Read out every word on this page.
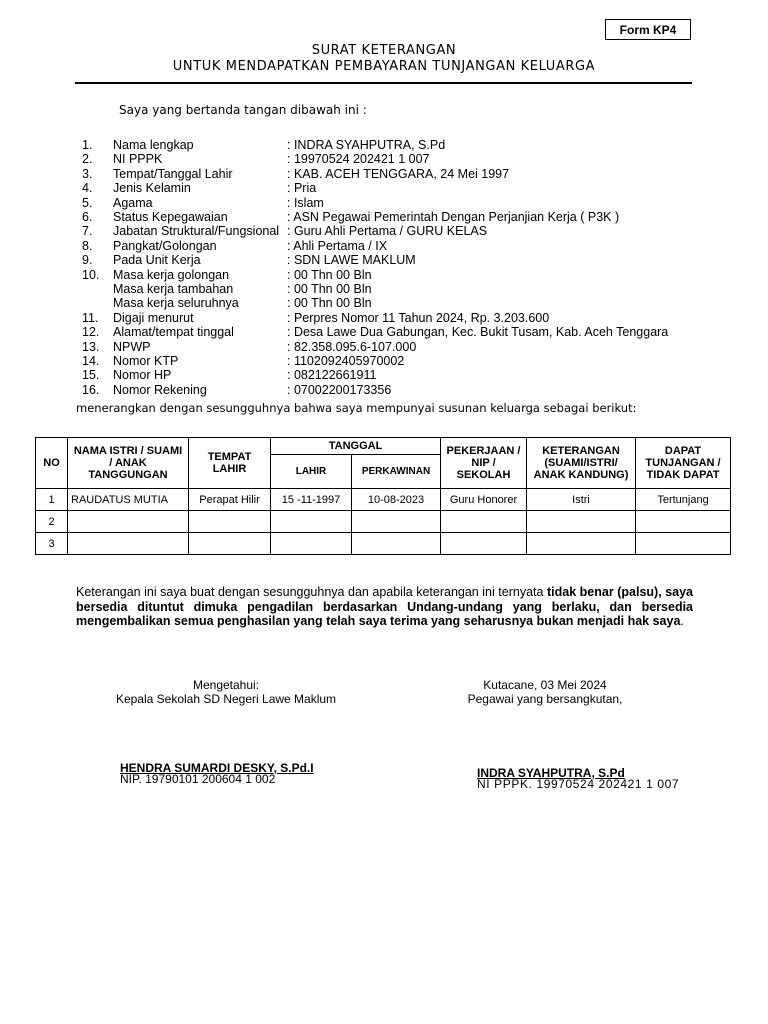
Form KP4
SURAT KETERANGAN
UNTUK MENDAPATKAN PEMBAYARAN TUNJANGAN KELUARGA
Saya yang bertanda tangan dibawah ini :
1.	Nama lengkap	: INDRA SYAHPUTRA, S.Pd
2.	NI PPPK	: 19970524 202421 1 007
3.	Tempat/Tanggal Lahir	: KAB. ACEH TENGGARA, 24 Mei 1997
4.	Jenis Kelamin	: Pria
5.	Agama	: Islam
6.	Status Kepegawaian	: ASN Pegawai Pemerintah Dengan Perjanjian Kerja ( P3K )
7.	Jabatan Struktural/Fungsional : Guru Ahli Pertama / GURU KELAS
8.	Pangkat/Golongan	: Ahli Pertama / IX
9.	Pada Unit Kerja	: SDN LAWE MAKLUM
10.	Masa kerja golongan	: 00 Thn 00 Bln
Masa kerja tambahan	: 00 Thn 00 Bln
Masa kerja seluruhnya	: 00 Thn 00 Bln
11.	Digaji menurut	: Perpres Nomor 11 Tahun 2024, Rp. 3.203.600
12.	Alamat/tempat tinggal	: Desa Lawe Dua Gabungan, Kec. Bukit Tusam, Kab. Aceh Tenggara
13.	NPWP	: 82.358.095.6-107.000
14.	Nomor KTP	: 1102092405970002
15.	Nomor HP	: 082122661911
16.	Nomor Rekening	: 07002200173356
menerangkan dengan sesungguhnya bahwa saya mempunyai susunan keluarga sebagai berikut:
NO	NAMA ISTRI / SUAMI / ANAK TANGGUNGAN	TEMPAT LAHIR	TANGGAL		PEKERJAAN / NIP / SEKOLAH	KETERANGAN (SUAMI/ISTRI/ ANAK KANDUNG)	DAPAT TUNJANGAN / TIDAK DAPAT
			LAHIR	PERKAWINAN			
1	RAUDATUS MUTIA	Perapat Hilir	15 -11-1997	10-08-2023	Guru Honorer	Istri	Tertunjang
2							
3							
Keterangan ini saya buat dengan sesungguhnya dan apabila keterangan ini ternyata tidak benar (palsu), saya bersedia dituntut dimuka pengadilan berdasarkan Undang-undang yang berlaku, dan bersedia mengembalikan semua penghasilan yang telah saya terima yang seharusnya bukan menjadi hak saya.
Mengetahui:
Kepala Sekolah SD Negeri Lawe Maklum
Kutacane, 03 Mei 2024
Pegawai yang bersangkutan,
HENDRA SUMARDI DESKY, S.Pd.I
NIP. 19790101 200604 1 002	INDRA SYAHPUTRA, S.Pd
NI PPPK. 19970524 202421 1 007
